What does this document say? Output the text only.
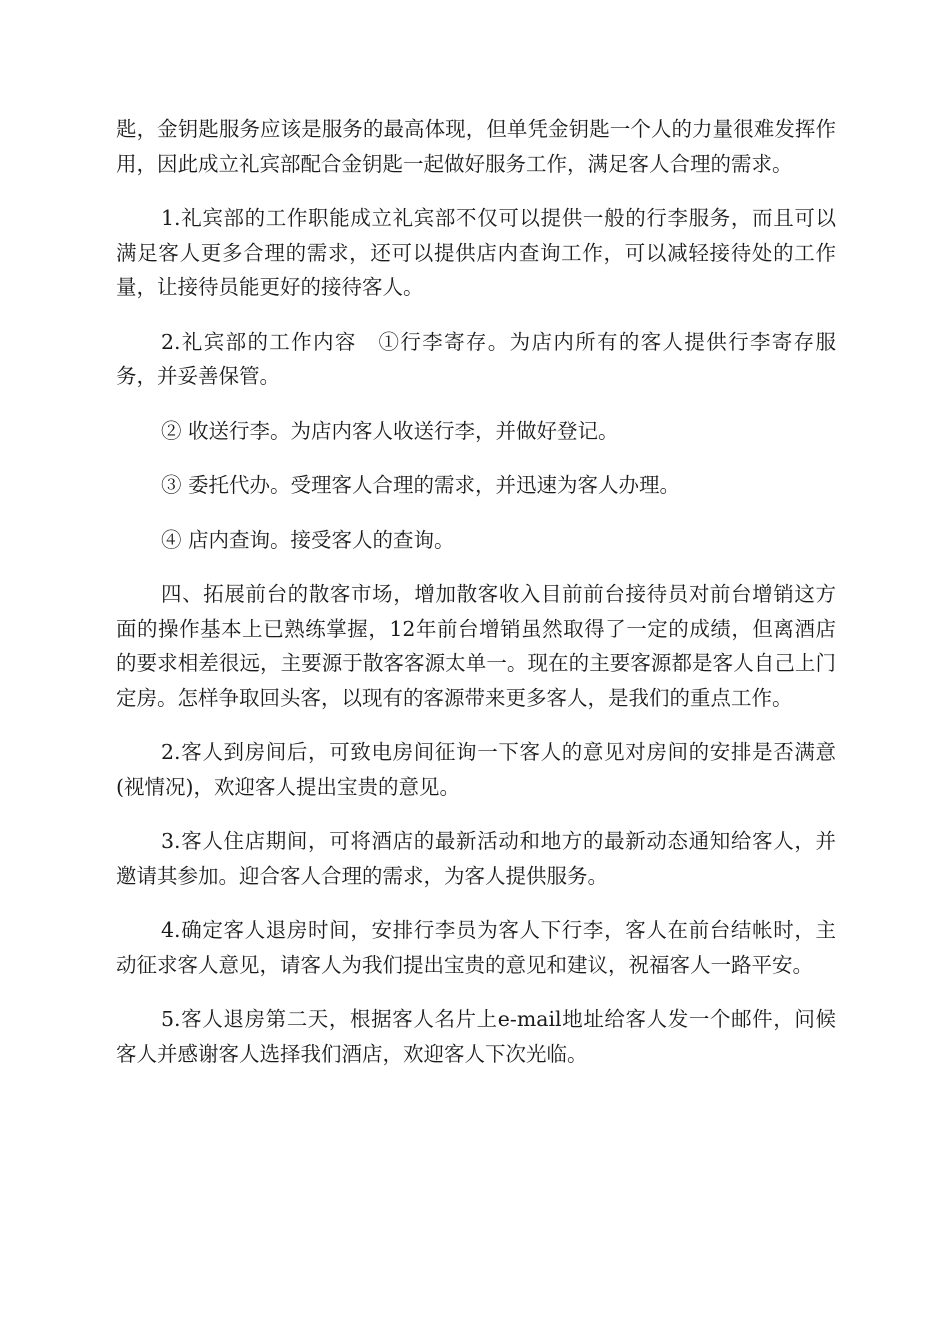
匙，金钥匙服务应该是服务的最高体现，但单凭金钥匙一个人的力量很难发挥作用，因此成立礼宾部配合金钥匙一起做好服务工作，满足客人合理的需求。

1.礼宾部的工作职能成立礼宾部不仅可以提供一般的行李服务，而且可以满足客人更多合理的需求，还可以提供店内查询工作，可以减轻接待处的工作量，让接待员能更好的接待客人。

2.礼宾部的工作内容　①行李寄存。为店内所有的客人提供行李寄存服务，并妥善保管。

② 收送行李。为店内客人收送行李，并做好登记。

③ 委托代办。受理客人合理的需求，并迅速为客人办理。

④ 店内查询。接受客人的查询。

四、拓展前台的散客市场，增加散客收入目前前台接待员对前台增销这方面的操作基本上已熟练掌握，12年前台增销虽然取得了一定的成绩，但离酒店的要求相差很远，主要源于散客客源太单一。现在的主要客源都是客人自己上门定房。怎样争取回头客，以现有的客源带来更多客人，是我们的重点工作。

2.客人到房间后，可致电房间征询一下客人的意见对房间的安排是否满意(视情况)，欢迎客人提出宝贵的意见。

3.客人住店期间，可将酒店的最新活动和地方的最新动态通知给客人，并邀请其参加。迎合客人合理的需求，为客人提供服务。

4.确定客人退房时间，安排行李员为客人下行李，客人在前台结帐时，主动征求客人意见，请客人为我们提出宝贵的意见和建议，祝福客人一路平安。

5.客人退房第二天，根据客人名片上e-mail地址给客人发一个邮件，问候客人并感谢客人选择我们酒店，欢迎客人下次光临。
